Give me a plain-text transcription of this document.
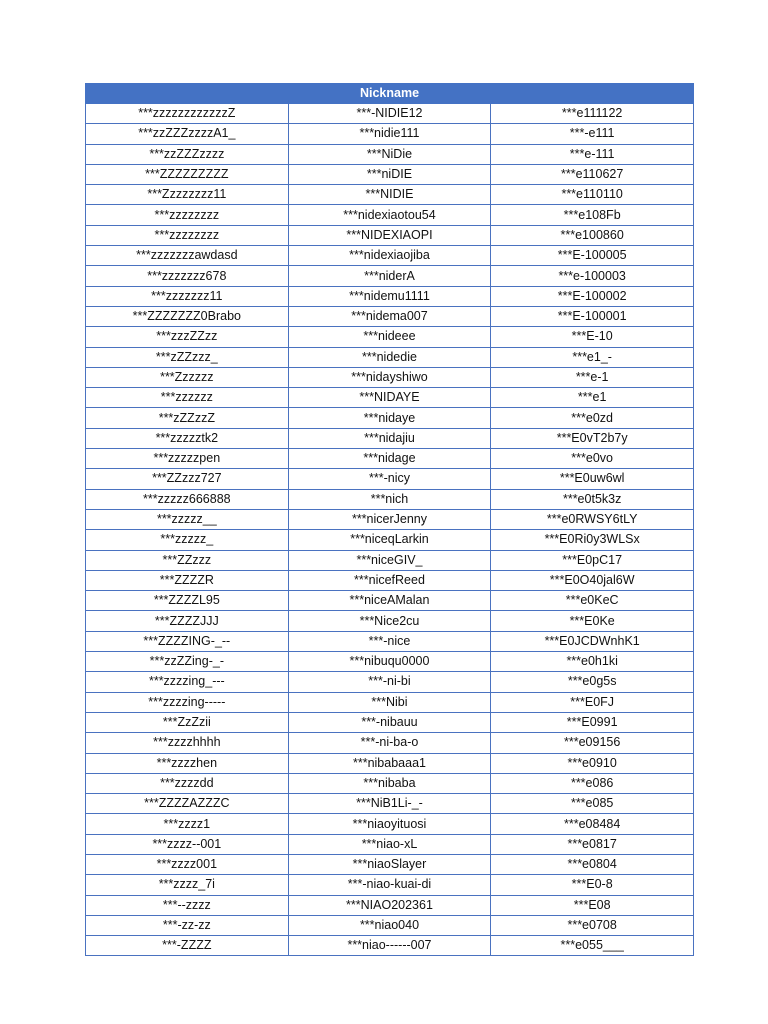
Nickname		
***zzzzzzzzzzzzZ	***-NIDIE12	***e111122
***zzZZZzzzzA1_	***nidie111	***-e111
***zzZZZzzzz	***NiDie	***e-111
***ZZZZZZZZZ	***niDIE	***e110627
***Zzzzzzzz11	***NIDIE	***e110110
***zzzzzzzz	***nidexiaotou54	***e108Fb
***zzzzzzzz	***NIDEXIAOPI	***e100860
***zzzzzzzawdasd	***nidexiaojiba	***E-100005
***zzzzzzz678	***niderA	***e-100003
***zzzzzzz11	***nidemu1111	***E-100002
***ZZZZZZZ0Brabo	***nidema007	***E-100001
***zzzZZzz	***nideee	***E-10
***zZZzzz_	***nidedie	***e1_-
***Zzzzzz	***nidayshiwo	***e-1
***zzzzzz	***NIDAYE	***e1
***zZZzzZ	***nidaye	***e0zd
***zzzzztk2	***nidajiu	***E0vT2b7y
***zzzzzpen	***nidage	***e0vo
***ZZzzz727	***-nicy	***E0uw6wl
***zzzzz666888	***nich	***e0t5k3z
***zzzzz__	***nicerJenny	***e0RWSY6tLY
***zzzzz_	***niceqLarkin	***E0Ri0y3WLSx
***ZZzzz	***niceGIV_	***E0pC17
***ZZZZR	***nicefReed	***E0O40jal6W
***ZZZZL95	***niceAMalan	***e0KeC
***ZZZZJJJ	***Nice2cu	***E0Ke
***ZZZZING-_--	***-nice	***E0JCDWnhK1
***zzZZing-_-	***nibuqu0000	***e0h1ki
***zzzzing_---	***-ni-bi	***e0g5s
***zzzzing-----	***Nibi	***E0FJ
***ZzZzii	***-nibauu	***E0991
***zzzzhhhh	***-ni-ba-o	***e09156
***zzzzhen	***nibabaaa1	***e0910
***zzzzdd	***nibaba	***e086
***ZZZZAZZZC	***NiB1Li-_-	***e085
***zzzz1	***niaoyituosi	***e08484
***zzzz--001	***niao-xL	***e0817
***zzzz001	***niaoSlayer	***e0804
***zzzz_7i	***-niao-kuai-di	***E0-8
***--zzzz	***NIAO202361	***E08
***-zz-zz	***niao040	***e0708
***-ZZZZ	***niao------007	***e055___
